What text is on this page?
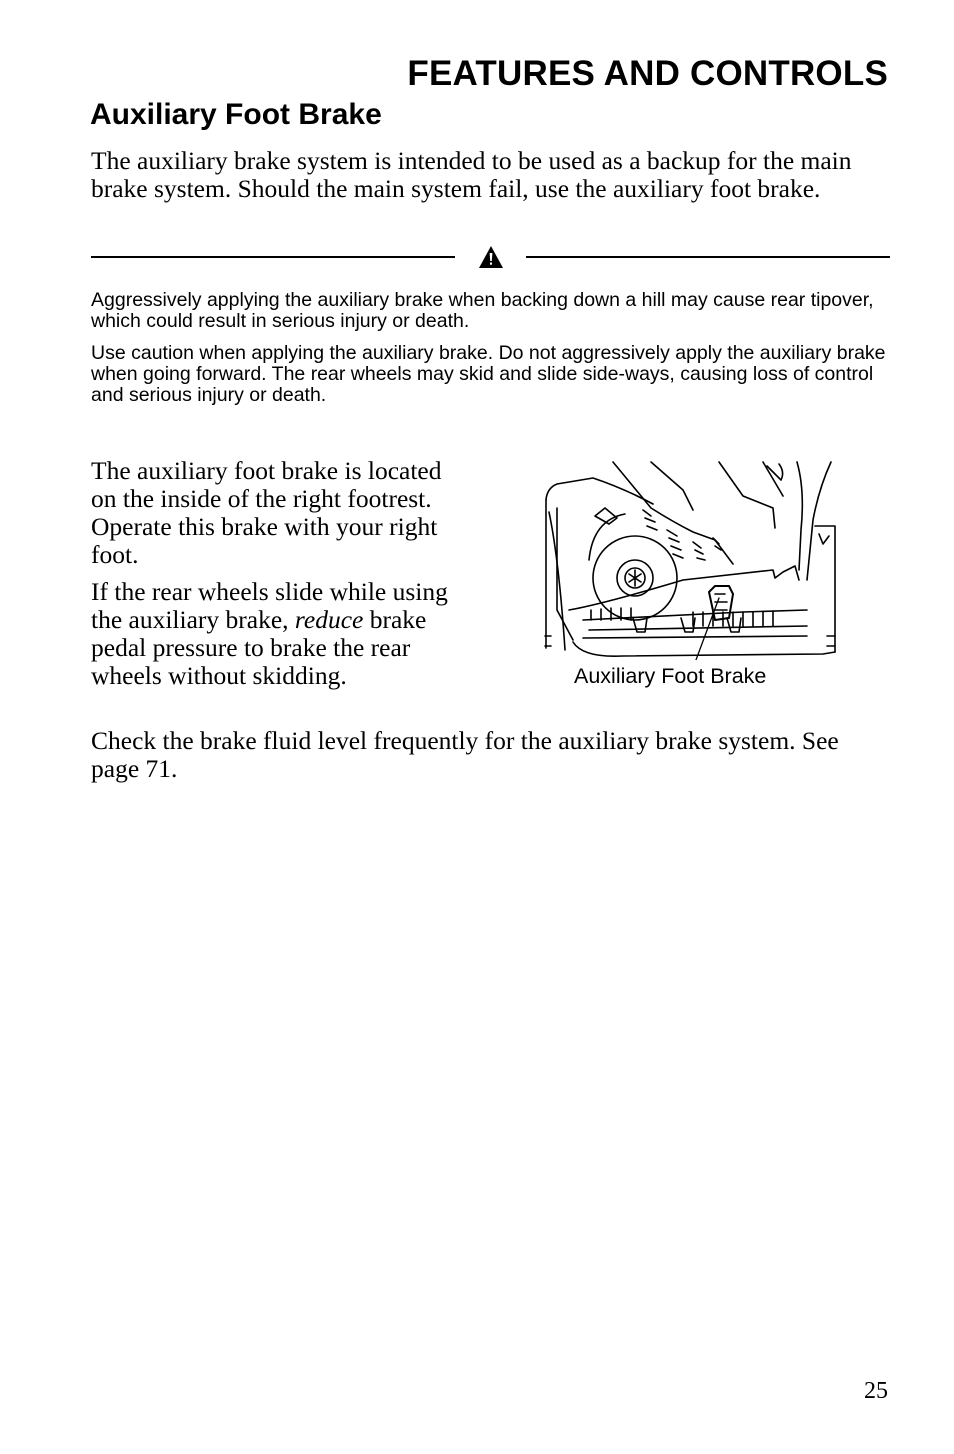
FEATURES AND CONTROLS
Auxiliary Foot Brake

The auxiliary brake system is intended to be used as a backup for the main brake system. Should the main system fail, use the auxiliary foot brake.

Aggressively applying the auxiliary brake when backing down a hill may cause rear tipover, which could result in serious injury or death.

Use caution when applying the auxiliary brake. Do not aggressively apply the auxiliary brake when going forward. The rear wheels may skid and slide side-ways, causing loss of control and serious injury or death.

The auxiliary foot brake is located on the inside of the right footrest. Operate this brake with your right foot.

If the rear wheels slide while using the auxiliary brake, reduce brake pedal pressure to brake the rear wheels without skidding.	Auxiliary Foot Brake

Check the brake fluid level frequently for the auxiliary brake system. See page 71.

25
